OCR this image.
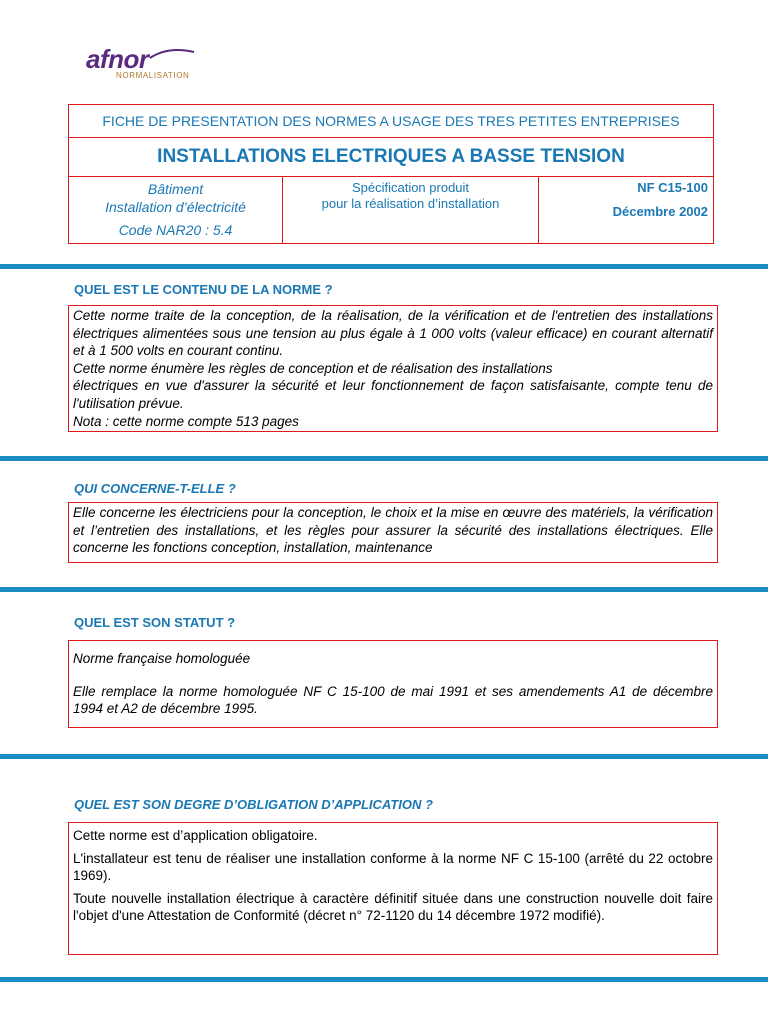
afnor
NORMALISATION
FICHE DE PRESENTATION DES NORMES A USAGE DES TRES PETITES ENTREPRISES
INSTALLATIONS ELECTRIQUES A BASSE TENSION
Bâtiment
Installation d’électricité
Code NAR20 : 5.4
Spécification produit
pour la réalisation d’installation
NF C15-100
Décembre 2002
QUEL EST LE CONTENU DE LA NORME ?

Cette norme traite de la conception, de la réalisation, de la vérification et de l'entretien des installations électriques alimentées sous une tension au plus égale à 1 000 volts (valeur efficace) en courant alternatif et à 1 500 volts en courant continu.

Cette norme énumère les règles de conception et de réalisation des installations

électriques en vue d'assurer la sécurité et leur fonctionnement de façon satisfaisante, compte tenu de l'utilisation prévue.

Nota : cette norme compte 513 pages

QUI CONCERNE-T-ELLE ?

Elle concerne les électriciens pour la conception, le choix et la mise en œuvre des matériels, la vérification et l’entretien des installations, et les règles pour assurer la sécurité des installations électriques. Elle concerne les fonctions conception, installation, maintenance

QUEL EST SON STATUT ?

Norme française homologuée

Elle remplace la norme homologuée NF C 15-100 de mai 1991 et ses amendements A1 de décembre 1994 et A2 de décembre 1995.

QUEL EST SON DEGRE D’OBLIGATION D’APPLICATION ?

Cette norme est d’application obligatoire.

L'installateur est tenu de réaliser une installation conforme à la norme NF C 15-100 (arrêté du 22 octobre 1969).

Toute nouvelle installation électrique à caractère définitif située dans une construction nouvelle doit faire l'objet d'une Attestation de Conformité (décret n° 72-1120 du 14 décembre 1972 modifié).
